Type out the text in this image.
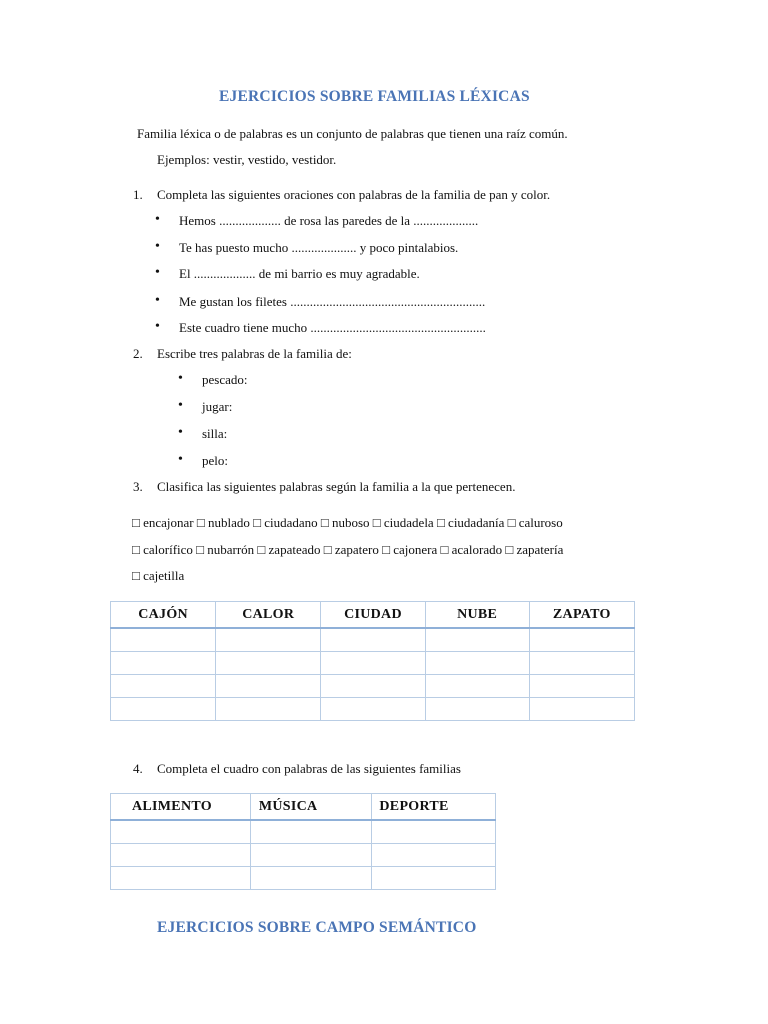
EJERCICIOS SOBRE FAMILIAS LÉXICAS
Familia léxica o de palabras es un conjunto de palabras que tienen una raíz común.
Ejemplos: vestir, vestido, vestidor.
1. Completa las siguientes oraciones con palabras de la familia de pan y color.
• Hemos ................... de rosa las paredes de la ....................
• Te has puesto mucho .................... y poco pintalabios.
• El ................... de mi barrio es muy agradable.
• Me gustan los filetes ............................................................
• Este cuadro tiene mucho ......................................................
2. Escribe tres palabras de la familia de:
• pescado:
• jugar:
• silla:
• pelo:
3. Clasifica las siguientes palabras según la familia a la que pertenecen.
□ encajonar □ nublado □ ciudadano □ nuboso □ ciudadela □ ciudadanía □ caluroso
□ calorífico □ nubarrón □ zapateado □ zapatero □ cajonera □ acalorado □ zapatería
□ cajetilla
CAJÓN	CALOR	CIUDAD	NUBE	ZAPATO

4. Completa el cuadro con palabras de las siguientes familias
ALIMENTO	MÚSICA	DEPORTE

EJERCICIOS SOBRE CAMPO SEMÁNTICO
